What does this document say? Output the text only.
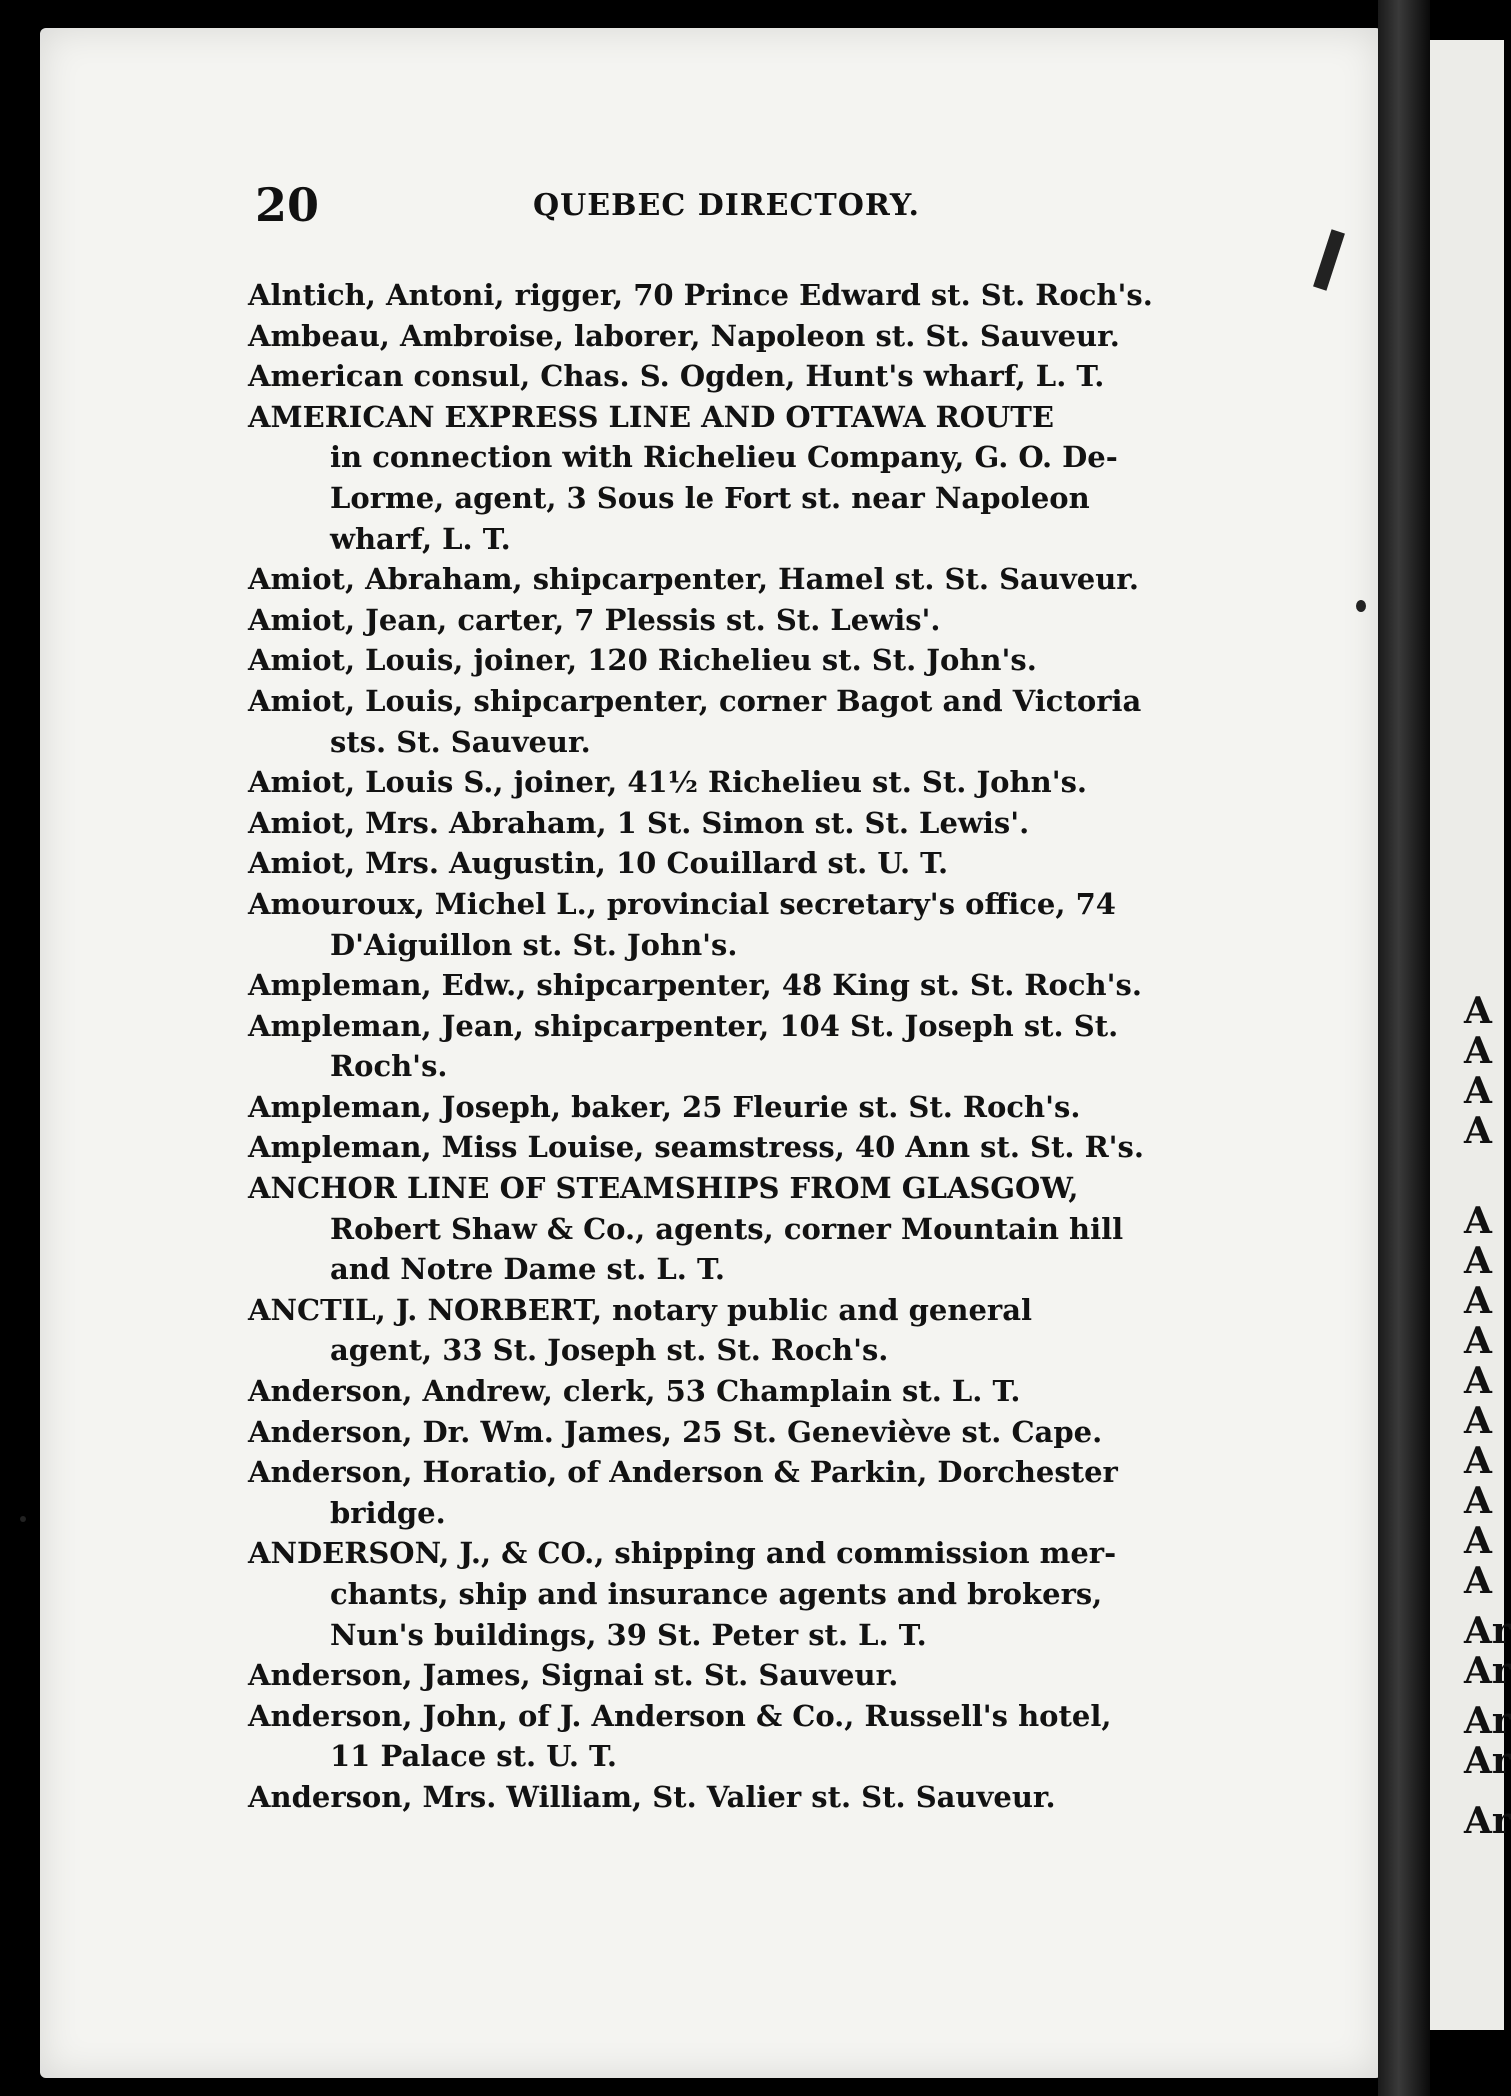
20	QUEBEC DIRECTORY.

Alntich, Antoni, rigger, 70 Prince Edward st. St. Roch's.

Ambeau, Ambroise, laborer, Napoleon st. St. Sauveur.

American consul, Chas. S. Ogden, Hunt's wharf, L. T.

AMERICAN EXPRESS LINE AND OTTAWA ROUTE
in connection with Richelieu Company, G. O. De-
Lorme, agent, 3 Sous le Fort st. near Napoleon
wharf, L. T.

Amiot, Abraham, shipcarpenter, Hamel st. St. Sauveur.

Amiot, Jean, carter, 7 Plessis st. St. Lewis'.

Amiot, Louis, joiner, 120 Richelieu st. St. John's.

Amiot, Louis, shipcarpenter, corner Bagot and Victoria
sts. St. Sauveur.

Amiot, Louis S., joiner, 41½ Richelieu st. St. John's.

Amiot, Mrs. Abraham, 1 St. Simon st. St. Lewis'.

Amiot, Mrs. Augustin, 10 Couillard st. U. T.

Amouroux, Michel L., provincial secretary's office, 74
D'Aiguillon st. St. John's.

Ampleman, Edw., shipcarpenter, 48 King st. St. Roch's.

Ampleman, Jean, shipcarpenter, 104 St. Joseph st. St.
Roch's.

Ampleman, Joseph, baker, 25 Fleurie st. St. Roch's.

Ampleman, Miss Louise, seamstress, 40 Ann st. St. R's.

ANCHOR LINE OF STEAMSHIPS FROM GLASGOW,
Robert Shaw & Co., agents, corner Mountain hill
and Notre Dame st. L. T.

ANCTIL, J. NORBERT, notary public and general
agent, 33 St. Joseph st. St. Roch's.

Anderson, Andrew, clerk, 53 Champlain st. L. T.

Anderson, Dr. Wm. James, 25 St. Geneviève st. Cape.

Anderson, Horatio, of Anderson & Parkin, Dorchester
bridge.

ANDERSON, J., & CO., shipping and commission mer-
chants, ship and insurance agents and brokers,
Nun's buildings, 39 St. Peter st. L. T.

Anderson, James, Signai st. St. Sauveur.

Anderson, John, of J. Anderson & Co., Russell's hotel,
11 Palace st. U. T.

Anderson, Mrs. William, St. Valier st. St. Sauveur.

A
A
A
A
A
A
A
A
A
A
A
A
A
A
Ar
Ar
Ar
Ar
Ar
